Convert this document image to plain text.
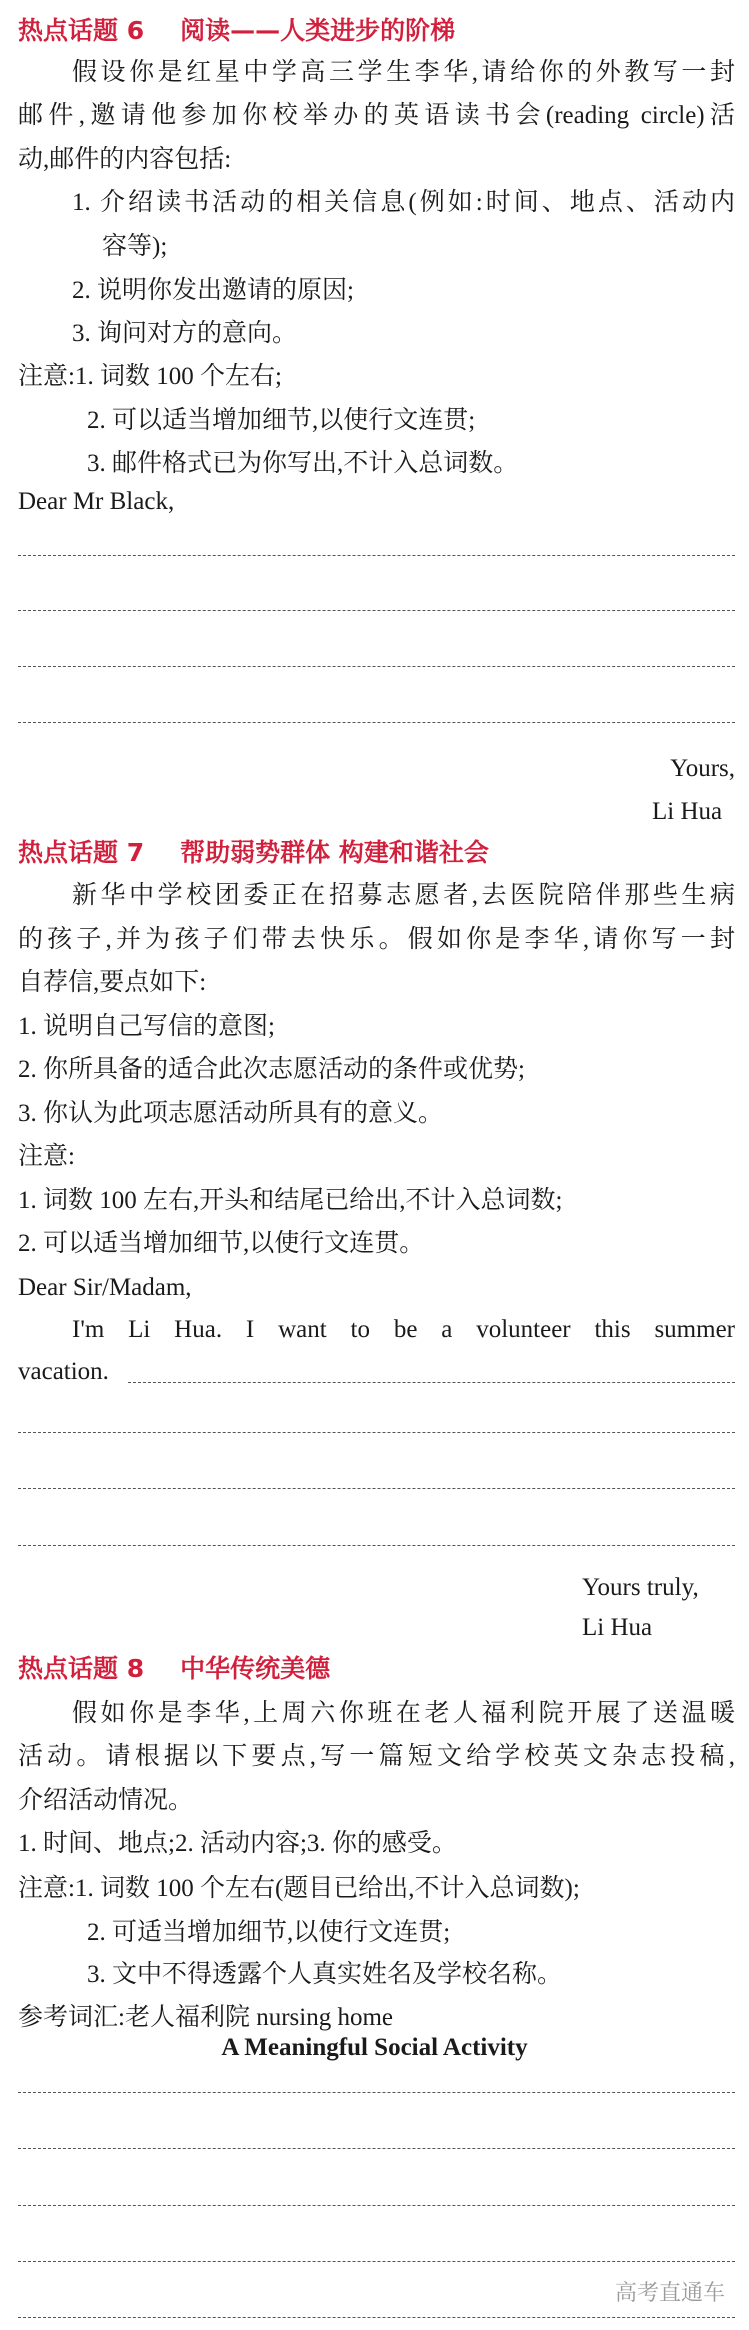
热点话题 6 阅读——人类进步的阶梯
假设你是红星中学高三学生李华,请给你的外教写一封
邮件,邀请他参加你校举办的英语读书会(reading circle)活
动,邮件的内容包括:
1. 介绍读书活动的相关信息(例如:时间、地点、活动内
容等);
2. 说明你发出邀请的原因;
3. 询问对方的意向。
注意:1. 词数 100 个左右;
2. 可以适当增加细节,以使行文连贯;
3. 邮件格式已为你写出,不计入总词数。
Dear Mr Black,
Yours,
Li Hua
热点话题 7 帮助弱势群体 构建和谐社会
新华中学校团委正在招募志愿者,去医院陪伴那些生病
的孩子,并为孩子们带去快乐。假如你是李华,请你写一封
自荐信,要点如下:
1. 说明自己写信的意图;
2. 你所具备的适合此次志愿活动的条件或优势;
3. 你认为此项志愿活动所具有的意义。
注意:
1. 词数 100 左右,开头和结尾已给出,不计入总词数;
2. 可以适当增加细节,以使行文连贯。
Dear Sir/Madam,
I'm Li Hua. I want to be a volunteer this summer
vacation.
Yours truly,
Li Hua
热点话题 8 中华传统美德
假如你是李华,上周六你班在老人福利院开展了送温暖
活动。请根据以下要点,写一篇短文给学校英文杂志投稿,
介绍活动情况。
1. 时间、地点;2. 活动内容;3. 你的感受。
注意:1. 词数 100 个左右(题目已给出,不计入总词数);
2. 可适当增加细节,以使行文连贯;
3. 文中不得透露个人真实姓名及学校名称。
参考词汇:老人福利院 nursing home
A Meaningful Social Activity
高考直通车
